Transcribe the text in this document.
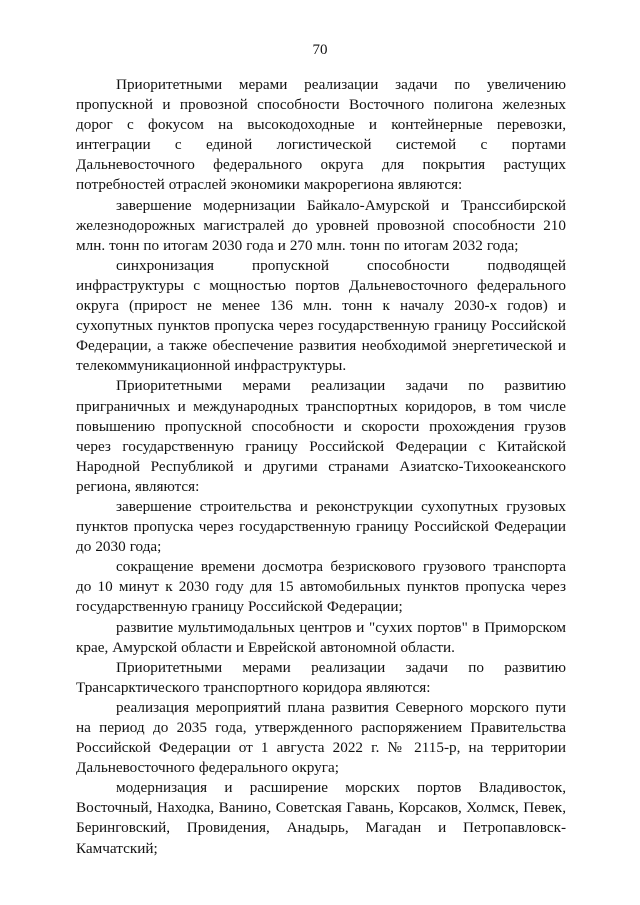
70

Приоритетными мерами реализации задачи по увеличению пропускной и провозной способности Восточного полигона железных дорог с фокусом на высокодоходные и контейнерные перевозки, интеграции с единой логистической системой с портами Дальневосточного федерального округа для покрытия растущих потребностей отраслей экономики макрорегиона являются:

завершение модернизации Байкало-Амурской и Транссибирской железнодорожных магистралей до уровней провозной способности 210 млн. тонн по итогам 2030 года и 270 млн. тонн по итогам 2032 года;

синхронизация пропускной способности подводящей инфраструктуры с мощностью портов Дальневосточного федерального округа (прирост не менее 136 млн. тонн к началу 2030-х годов) и сухопутных пунктов пропуска через государственную границу Российской Федерации, а также обеспечение развития необходимой энергетической и телекоммуникационной инфраструктуры.

Приоритетными мерами реализации задачи по развитию приграничных и международных транспортных коридоров, в том числе повышению пропускной способности и скорости прохождения грузов через государственную границу Российской Федерации с Китайской Народной Республикой и другими странами Азиатско-Тихоокеанского региона, являются:

завершение строительства и реконструкции сухопутных грузовых пунктов пропуска через государственную границу Российской Федерации до 2030 года;

сокращение времени досмотра безрискового грузового транспорта до 10 минут к 2030 году для 15 автомобильных пунктов пропуска через государственную границу Российской Федерации;

развитие мультимодальных центров и "сухих портов" в Приморском крае, Амурской области и Еврейской автономной области.

Приоритетными мерами реализации задачи по развитию Трансарктического транспортного коридора являются:

реализация мероприятий плана развития Северного морского пути на период до 2035 года, утвержденного распоряжением Правительства Российской Федерации от 1 августа 2022 г. № 2115-р, на территории Дальневосточного федерального округа;

модернизация и расширение морских портов Владивосток, Восточный, Находка, Ванино, Советская Гавань, Корсаков, Холмск, Певек, Беринговский, Провидения, Анадырь, Магадан и Петропавловск-Камчатский;
